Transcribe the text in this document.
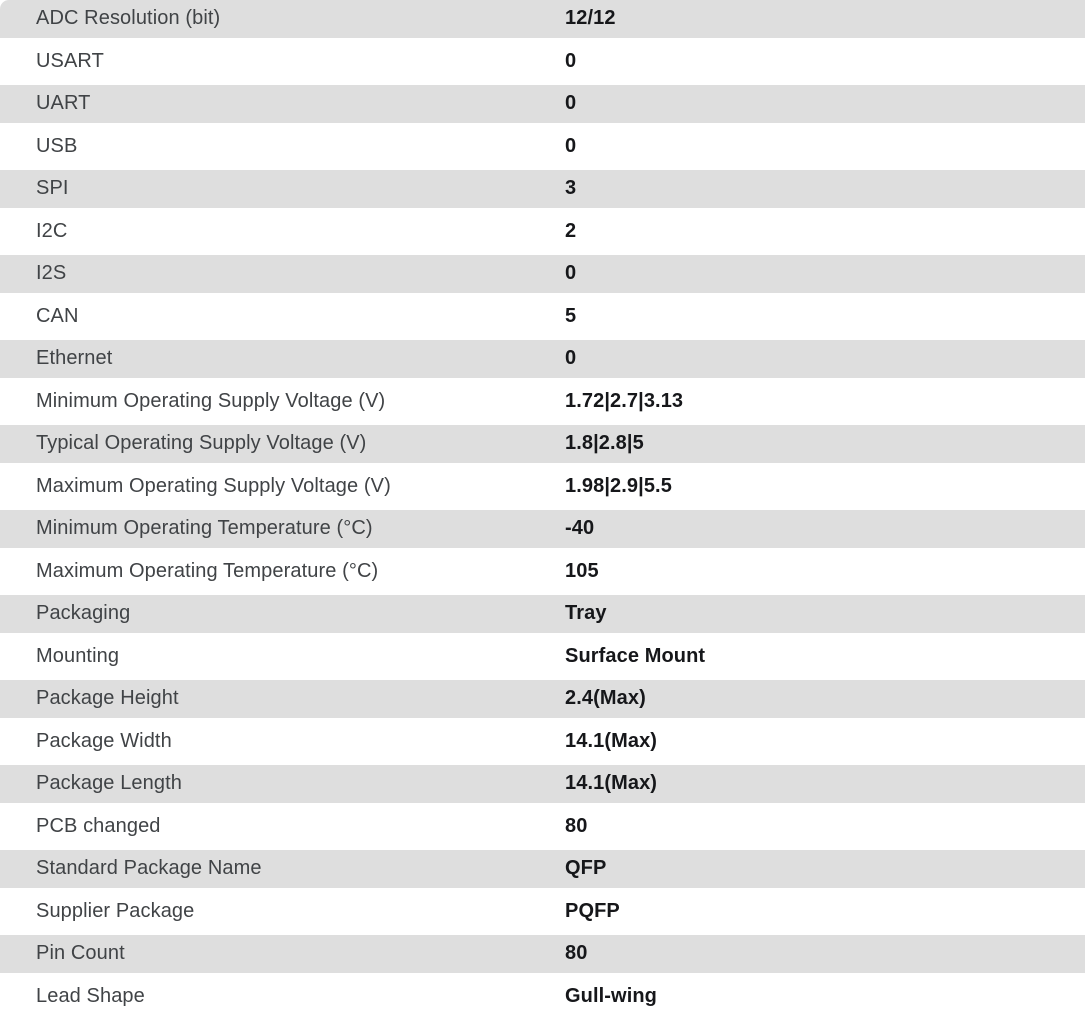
ADC Resolution (bit)	12/12
USART	0
UART	0
USB	0
SPI	3
I2C	2
I2S	0
CAN	5
Ethernet	0
Minimum Operating Supply Voltage (V)	1.72|2.7|3.13
Typical Operating Supply Voltage (V)	1.8|2.8|5
Maximum Operating Supply Voltage (V)	1.98|2.9|5.5
Minimum Operating Temperature (°C)	-40
Maximum Operating Temperature (°C)	105
Packaging	Tray
Mounting	Surface Mount
Package Height	2.4(Max)
Package Width	14.1(Max)
Package Length	14.1(Max)
PCB changed	80
Standard Package Name	QFP
Supplier Package	PQFP
Pin Count	80
Lead Shape	Gull-wing
